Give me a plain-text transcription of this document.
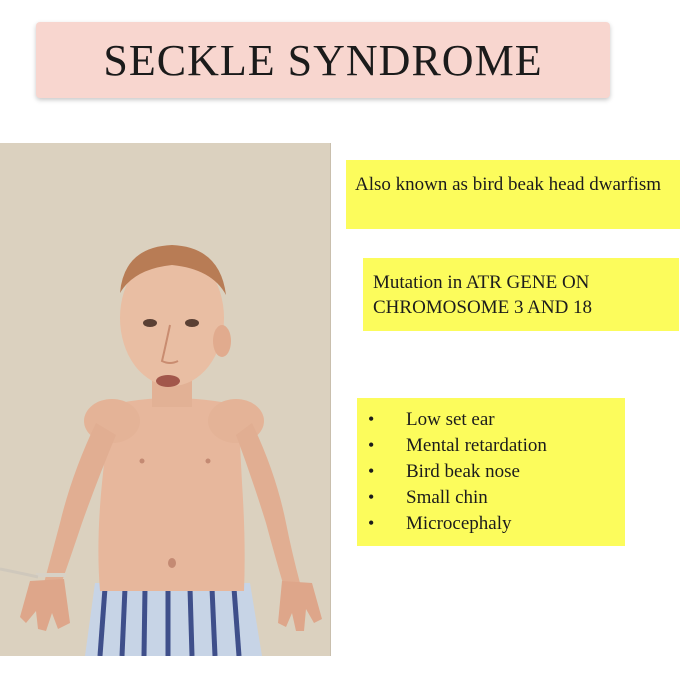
SECKLE SYNDROME
Also known as bird beak head dwarfism
Mutation in ATR GENE ON CHROMOSOME 3 AND 18
•	Low set ear
•	Mental retardation
•	Bird beak nose
•	Small chin
•	Microcephaly
